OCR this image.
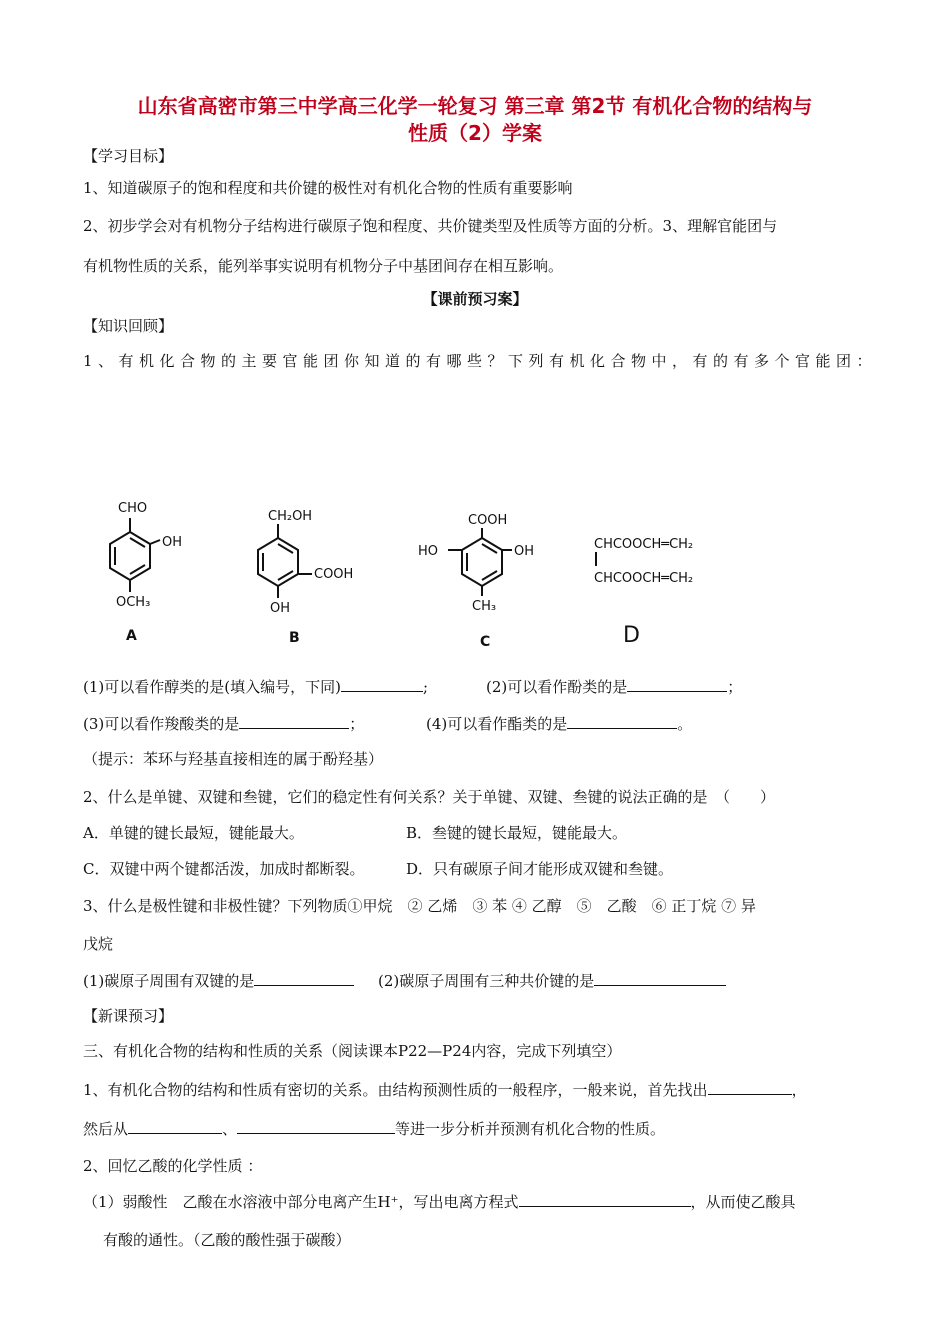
山东省高密市第三中学高三化学一轮复习 第三章 第2节 有机化合物的结构与
性质（2）学案
【学习目标】
1、知道碳原子的饱和程度和共价键的极性对有机化合物的性质有重要影响
2、初步学会对有机物分子结构进行碳原子饱和程度、共价键类型及性质等方面的分析。3、理解官能团与
有机物性质的关系，能列举事实说明有机物分子中基团间存在相互影响。
【课前预习案】
【知识回顾】
1、有机化合物的主要官能团你知道的有哪些？下列有机化合物中，有的有多个官能团：
CHO
OH
OCH₃
A
CH₂OH
COOH
OH
B
COOH
HO	OH
CH₃
C
CHCOOCH═CH₂
CHCOOCH═CH₂
D
(1)可以看作醇类的是(填入编号，下同)	;	(2)可以看作酚类的是	；
(3)可以看作羧酸类的是	；	(4)可以看作酯类的是	。
（提示：苯环与羟基直接相连的属于酚羟基）
2、什么是单键、双键和叁键，它们的稳定性有何关系？关于单键、双键、叁键的说法正确的是　（　　）
A．单键的键长最短，键能最大。	B．叁键的键长最短，键能最大。
C．双键中两个键都活泼，加成时都断裂。	D．只有碳原子间才能形成双键和叁键。
3、什么是极性键和非极性键？下列物质①甲烷　② 乙烯　③ 苯 ④ 乙醇　⑤　乙酸　⑥ 正丁烷 ⑦ 异
戊烷
(1)碳原子周围有双键的是	(2)碳原子周围有三种共价键的是
【新课预习】
三、有机化合物的结构和性质的关系（阅读课本P22—P24内容，完成下列填空）
1、有机化合物的结构和性质有密切的关系。由结构预测性质的一般程序，一般来说，首先找出	，
然后从	、	等进一步分析并预测有机化合物的性质。
2、回忆乙酸的化学性质 ：
（1）弱酸性　乙酸在水溶液中部分电离产生H⁺，写出电离方程式	，从而使乙酸具
有酸的通性。（乙酸的酸性强于碳酸）
